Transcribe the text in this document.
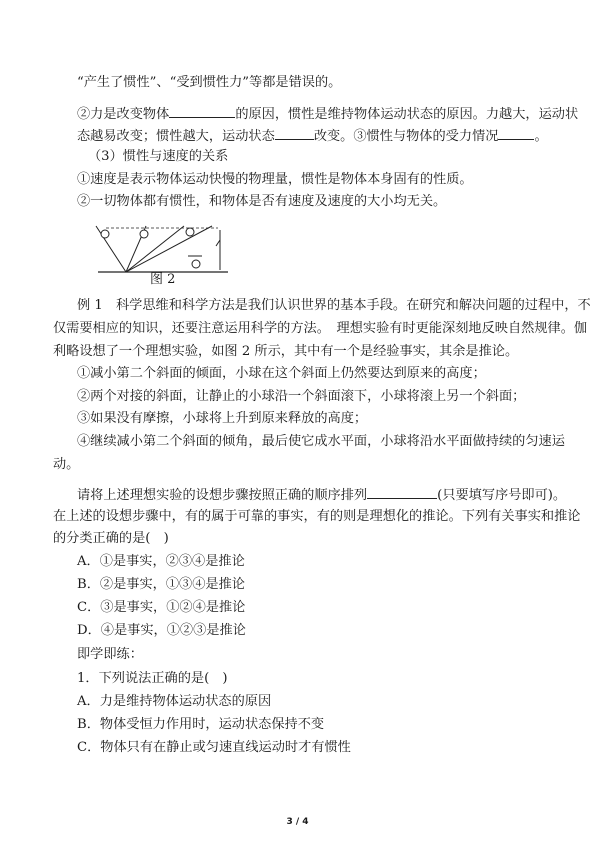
“产生了惯性”、“受到惯性力”等都是错误的。
②力是改变物体	的原因，惯性是维持物体运动状态的原因。力越大，运动状
态越易改变；惯性越大，运动状态	改变。③惯性与物体的受力情况	。
（3）惯性与速度的关系
①速度是表示物体运动快慢的物理量，惯性是物体本身固有的性质。
②一切物体都有惯性，和物体是否有速度及速度的大小均无关。
图 2
例 1　科学思维和科学方法是我们认识世界的基本手段。在研究和解决问题的过程中，不
仅需要相应的知识，还要注意运用科学的方法。　理想实验有时更能深刻地反映自然规律。伽
利略设想了一个理想实验，如图 2 所示，其中有一个是经验事实，其余是推论。
①减小第二个斜面的倾面，小球在这个斜面上仍然要达到原来的高度；
②两个对接的斜面，让静止的小球沿一个斜面滚下，小球将滚上另一个斜面；
③如果没有摩擦，小球将上升到原来释放的高度；
④继续减小第二个斜面的倾角，最后使它成水平面，小球将沿水平面做持续的匀速运
动。
请将上述理想实验的设想步骤按照正确的顺序排列	(只要填写序号即可)。
在上述的设想步骤中，有的属于可靠的事实，有的则是理想化的推论。下列有关事实和推论
的分类正确的是(　)
A．①是事实，②③④是推论
B．②是事实，①③④是推论
C．③是事实，①②④是推论
D．④是事实，①②③是推论
即学即练：
1．下列说法正确的是(　)
A．力是维持物体运动状态的原因
B．物体受恒力作用时，运动状态保持不变
C．物体只有在静止或匀速直线运动时才有惯性
3 / 4
